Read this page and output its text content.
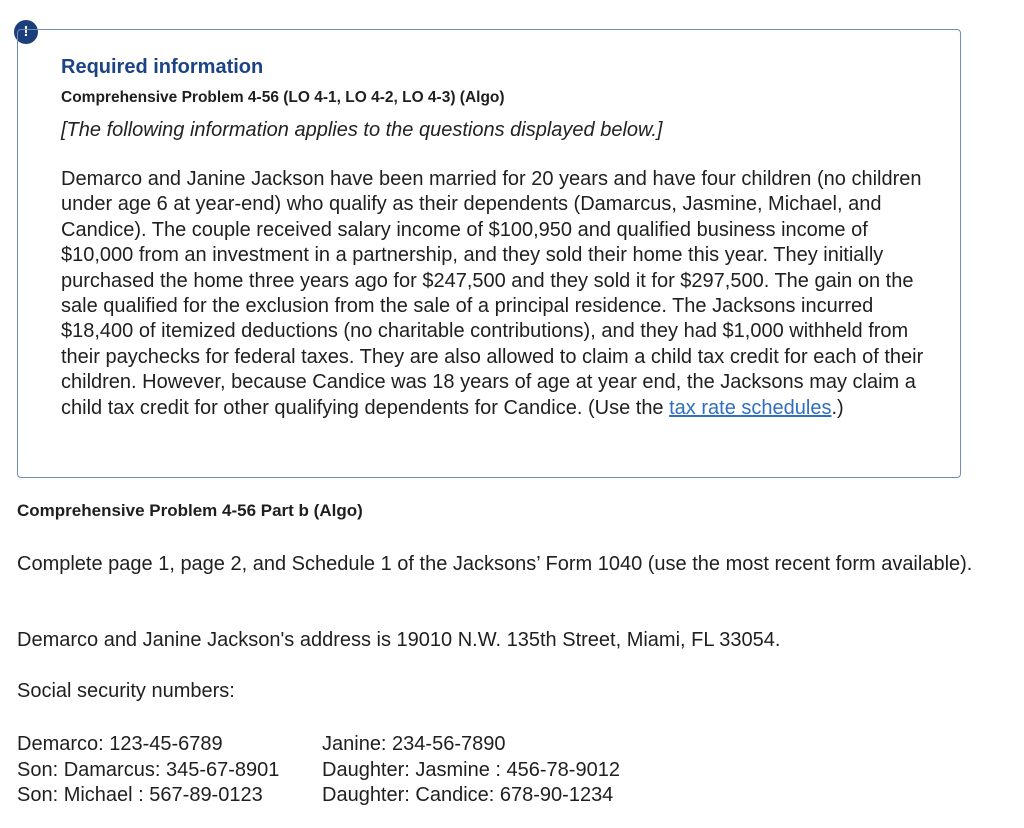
!
Required information

Comprehensive Problem 4-56 (LO 4-1, LO 4-2, LO 4-3) (Algo)

[The following information applies to the questions displayed below.]

Demarco and Janine Jackson have been married for 20 years and have four children (no children under age 6 at year-end) who qualify as their dependents (Damarcus, Jasmine, Michael, and Candice). The couple received salary income of $100,950 and qualified business income of $10,000 from an investment in a partnership, and they sold their home this year. They initially purchased the home three years ago for $247,500 and they sold it for $297,500. The gain on the sale qualified for the exclusion from the sale of a principal residence. The Jacksons incurred $18,400 of itemized deductions (no charitable contributions), and they had $1,000 withheld from their paychecks for federal taxes. They are also allowed to claim a child tax credit for each of their children. However, because Candice was 18 years of age at year end, the Jacksons may claim a child tax credit for other qualifying dependents for Candice. (Use the tax rate schedules.)

Comprehensive Problem 4-56 Part b (Algo)

Complete page 1, page 2, and Schedule 1 of the Jacksons’ Form 1040 (use the most recent form available).

Demarco and Janine Jackson's address is 19010 N.W. 135th Street, Miami, FL 33054.

Social security numbers:

Demarco: 123-45-6789
Son: Damarcus: 345-67-8901
Son: Michael : 567-89-0123
Janine: 234-56-7890
Daughter: Jasmine : 456-78-9012
Daughter: Candice: 678-90-1234
